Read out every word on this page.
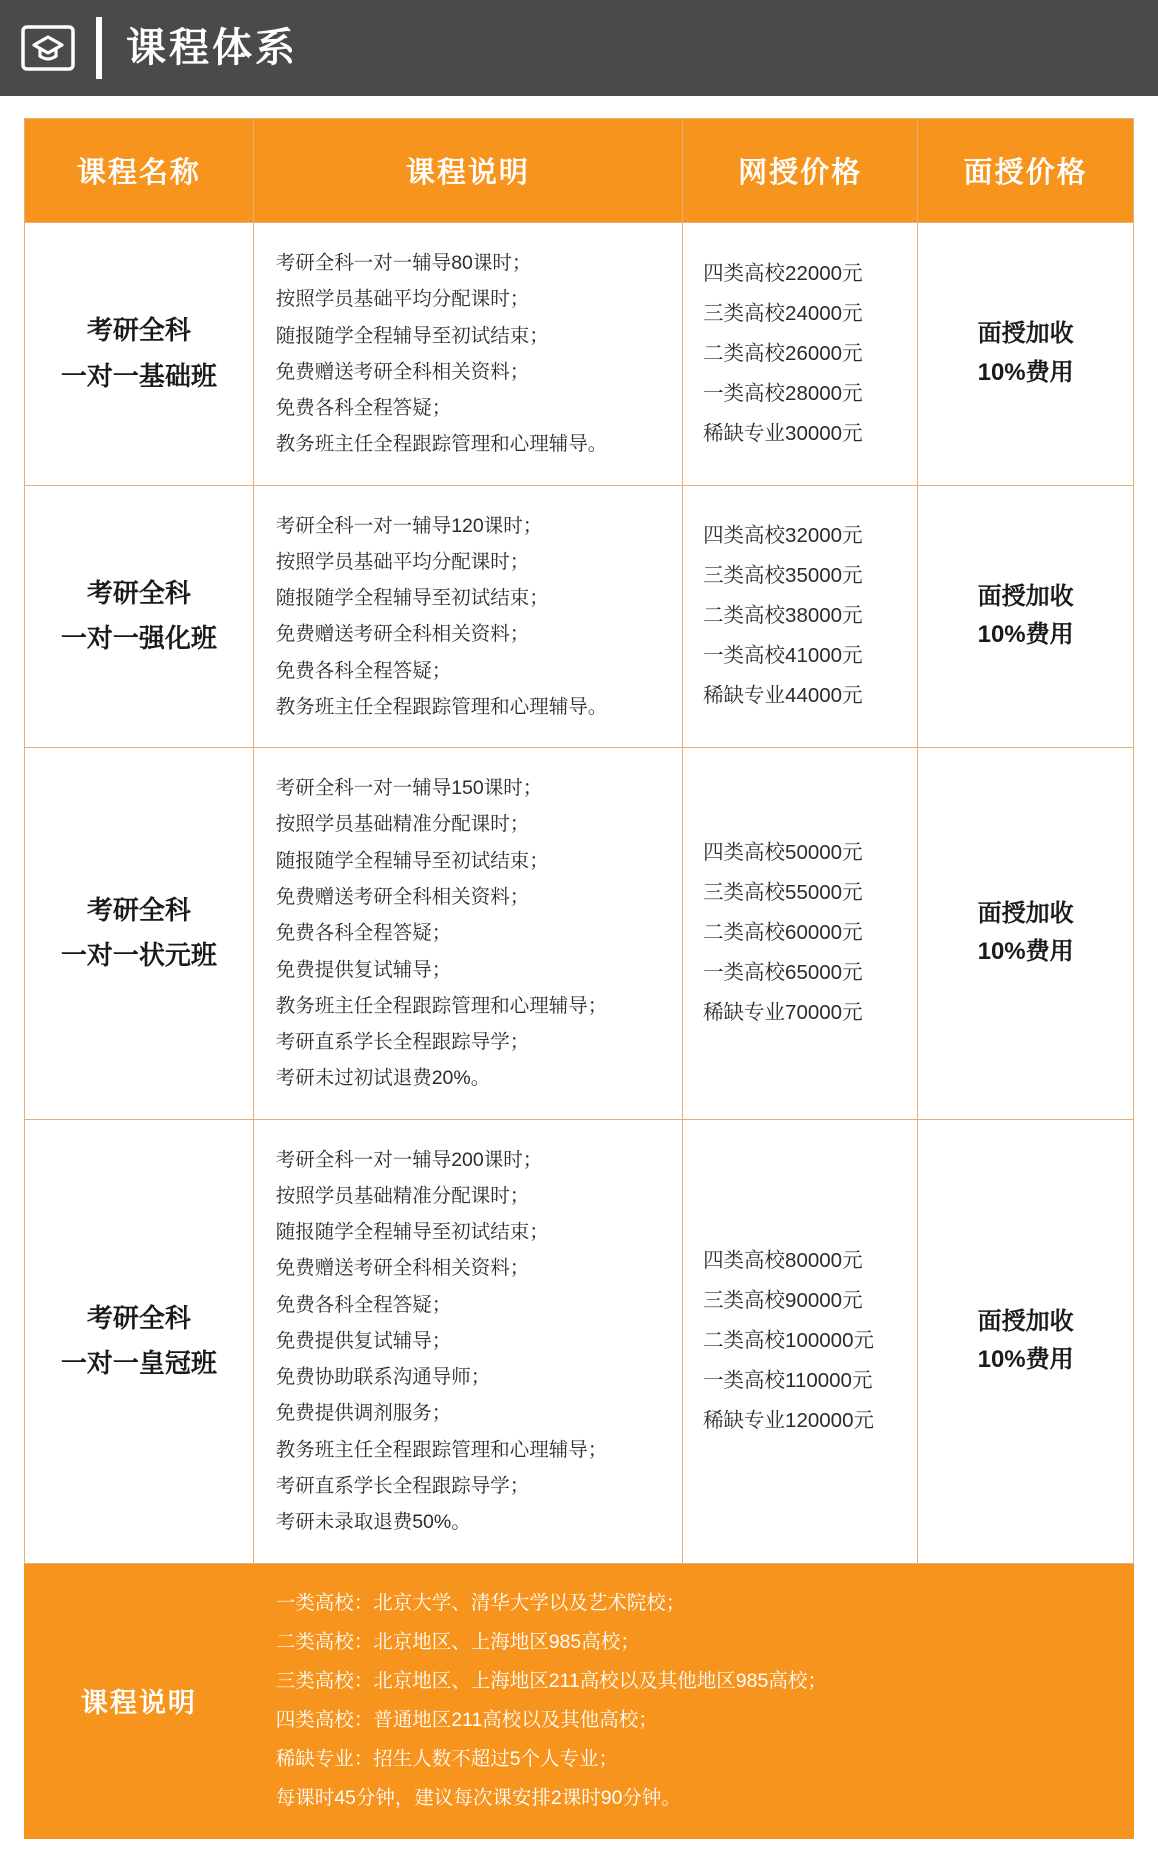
课程体系
课程名称	课程说明	网授价格	面授价格

考研全科
一对一基础班

考研全科一对一辅导80课时；
按照学员基础平均分配课时；
随报随学全程辅导至初试结束；
免费赠送考研全科相关资料；
免费各科全程答疑；
教务班主任全程跟踪管理和心理辅导。

四类高校22000元
三类高校24000元
二类高校26000元
一类高校28000元
稀缺专业30000元

面授加收
10%费用

考研全科
一对一强化班

考研全科一对一辅导120课时；
按照学员基础平均分配课时；
随报随学全程辅导至初试结束；
免费赠送考研全科相关资料；
免费各科全程答疑；
教务班主任全程跟踪管理和心理辅导。

四类高校32000元
三类高校35000元
二类高校38000元
一类高校41000元
稀缺专业44000元

面授加收
10%费用

考研全科
一对一状元班

考研全科一对一辅导150课时；
按照学员基础精准分配课时；
随报随学全程辅导至初试结束；
免费赠送考研全科相关资料；
免费各科全程答疑；
免费提供复试辅导；
教务班主任全程跟踪管理和心理辅导；
考研直系学长全程跟踪导学；
考研未过初试退费20%。

四类高校50000元
三类高校55000元
二类高校60000元
一类高校65000元
稀缺专业70000元

面授加收
10%费用

考研全科
一对一皇冠班

考研全科一对一辅导200课时；
按照学员基础精准分配课时；
随报随学全程辅导至初试结束；
免费赠送考研全科相关资料；
免费各科全程答疑；
免费提供复试辅导；
免费协助联系沟通导师；
免费提供调剂服务；
教务班主任全程跟踪管理和心理辅导；
考研直系学长全程跟踪导学；
考研未录取退费50%。

四类高校80000元
三类高校90000元
二类高校100000元
一类高校110000元
稀缺专业120000元

面授加收
10%费用

课程说明	
一类高校：北京大学、清华大学以及艺术院校；
二类高校：北京地区、上海地区985高校；
三类高校：北京地区、上海地区211高校以及其他地区985高校；
四类高校：普通地区211高校以及其他高校；
稀缺专业：招生人数不超过5个人专业；
每课时45分钟，建议每次课安排2课时90分钟。
